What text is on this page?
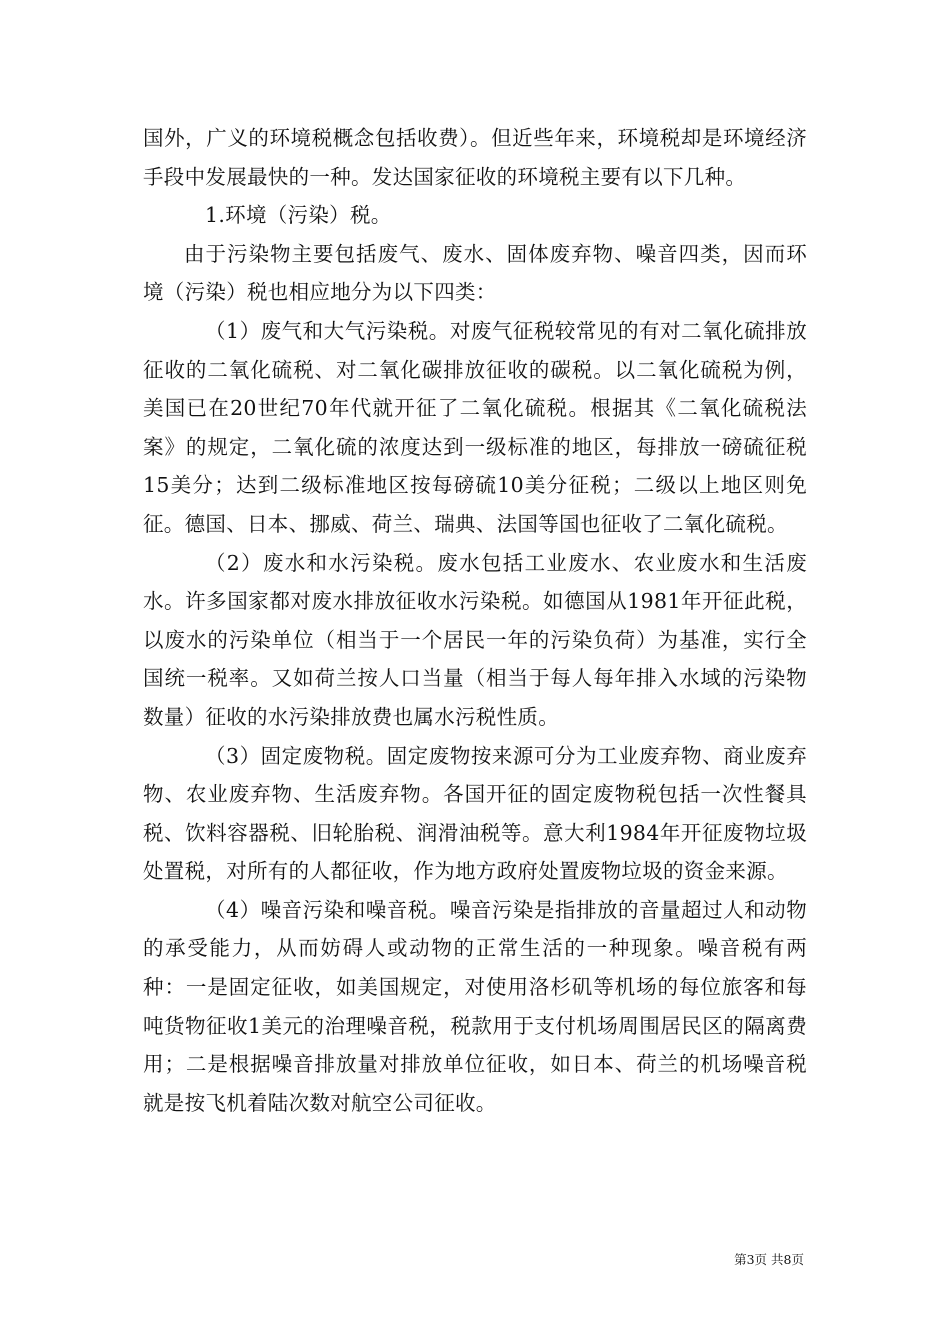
国外，广义的环境税概念包括收费）。但近些年来，环境税却是环境经济手段中发展最快的一种。发达国家征收的环境税主要有以下几种。

1.环境（污染）税。

由于污染物主要包括废气、废水、固体废弃物、噪音四类，因而环境（污染）税也相应地分为以下四类：

（1）废气和大气污染税。对废气征税较常见的有对二氧化硫排放征收的二氧化硫税、对二氧化碳排放征收的碳税。以二氧化硫税为例，美国已在20世纪70年代就开征了二氧化硫税。根据其《二氧化硫税法案》的规定，二氧化硫的浓度达到一级标准的地区，每排放一磅硫征税15美分；达到二级标准地区按每磅硫10美分征税；二级以上地区则免征。德国、日本、挪威、荷兰、瑞典、法国等国也征收了二氧化硫税。

（2）废水和水污染税。废水包括工业废水、农业废水和生活废水。许多国家都对废水排放征收水污染税。如德国从1981年开征此税，以废水的污染单位（相当于一个居民一年的污染负荷）为基准，实行全国统一税率。又如荷兰按人口当量（相当于每人每年排入水域的污染物数量）征收的水污染排放费也属水污税性质。

（3）固定废物税。固定废物按来源可分为工业废弃物、商业废弃物、农业废弃物、生活废弃物。各国开征的固定废物税包括一次性餐具税、饮料容器税、旧轮胎税、润滑油税等。意大利1984年开征废物垃圾处置税，对所有的人都征收，作为地方政府处置废物垃圾的资金来源。

（4）噪音污染和噪音税。噪音污染是指排放的音量超过人和动物的承受能力，从而妨碍人或动物的正常生活的一种现象。噪音税有两种：一是固定征收，如美国规定，对使用洛杉矶等机场的每位旅客和每吨货物征收1美元的治理噪音税，税款用于支付机场周围居民区的隔离费用；二是根据噪音排放量对排放单位征收，如日本、荷兰的机场噪音税就是按飞机着陆次数对航空公司征收。

第3页 共8页
